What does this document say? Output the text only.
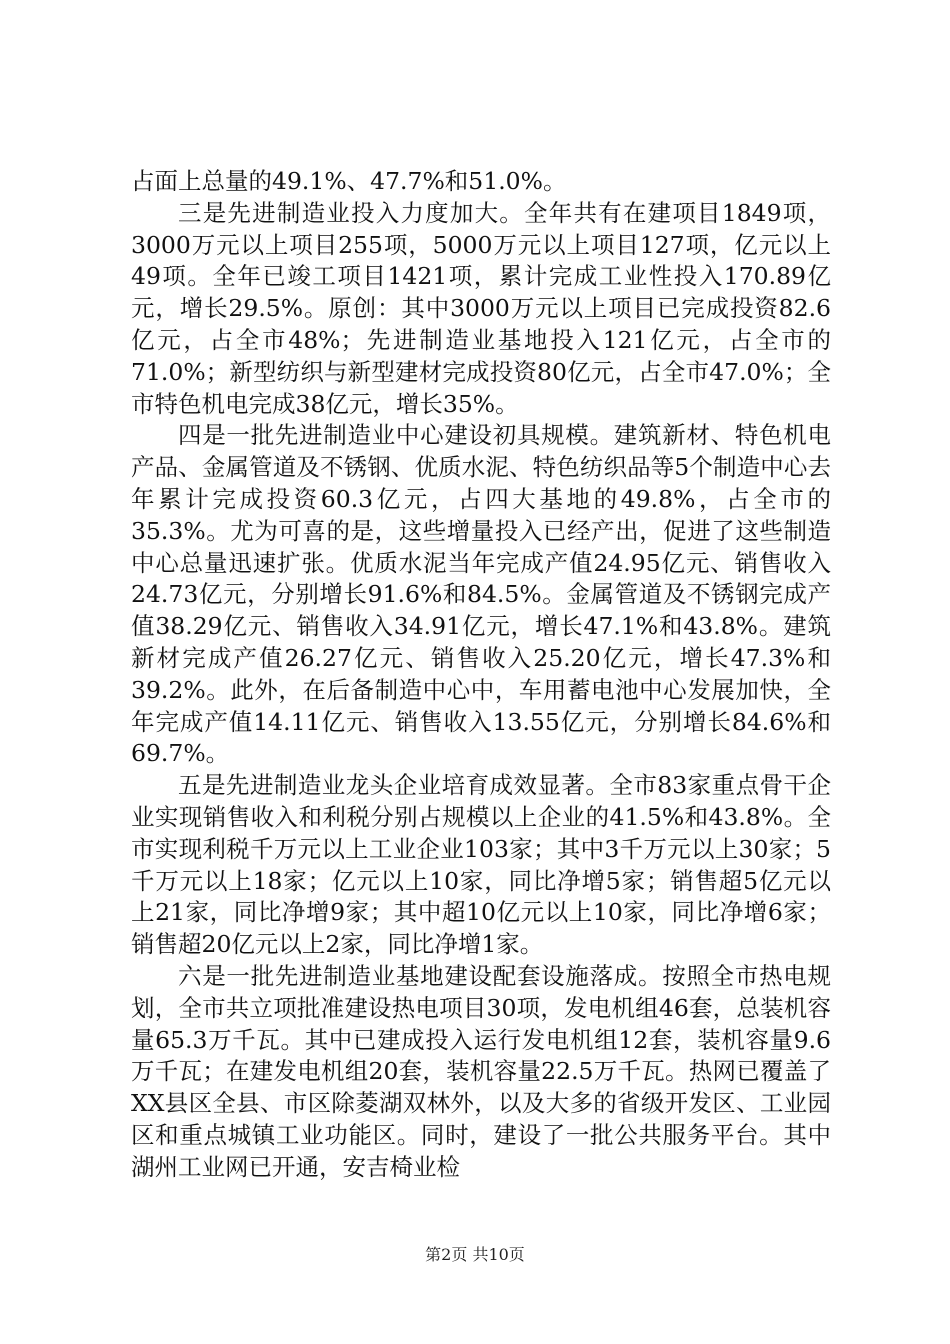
占面上总量的49.1%、47.7%和51.0%。

三是先进制造业投入力度加大。全年共有在建项目1849项，3000万元以上项目255项，5000万元以上项目127项，亿元以上49项。全年已竣工项目1421项，累计完成工业性投入170.89亿元，增长29.5%。原创：其中3000万元以上项目已完成投资82.6亿元，占全市48%；先进制造业基地投入121亿元，占全市的71.0%；新型纺织与新型建材完成投资80亿元，占全市47.0%；全市特色机电完成38亿元，增长35%。

四是一批先进制造业中心建设初具规模。建筑新材、特色机电产品、金属管道及不锈钢、优质水泥、特色纺织品等5个制造中心去年累计完成投资60.3亿元，占四大基地的49.8%，占全市的35.3%。尤为可喜的是，这些增量投入已经产出，促进了这些制造中心总量迅速扩张。优质水泥当年完成产值24.95亿元、销售收入24.73亿元，分别增长91.6%和84.5%。金属管道及不锈钢完成产值38.29亿元、销售收入34.91亿元，增长47.1%和43.8%。建筑新材完成产值26.27亿元、销售收入25.20亿元，增长47.3%和39.2%。此外，在后备制造中心中，车用蓄电池中心发展加快，全年完成产值14.11亿元、销售收入13.55亿元，分别增长84.6%和69.7%。

五是先进制造业龙头企业培育成效显著。全市83家重点骨干企业实现销售收入和利税分别占规模以上企业的41.5%和43.8%。全市实现利税千万元以上工业企业103家；其中3千万元以上30家；5千万元以上18家；亿元以上10家，同比净增5家；销售超5亿元以上21家，同比净增9家；其中超10亿元以上10家，同比净增6家；销售超20亿元以上2家，同比净增1家。

六是一批先进制造业基地建设配套设施落成。按照全市热电规划，全市共立项批准建设热电项目30项，发电机组46套，总装机容量65.3万千瓦。其中已建成投入运行发电机组12套，装机容量9.6万千瓦；在建发电机组20套，装机容量22.5万千瓦。热网已覆盖了XX县区全县、市区除菱湖双林外，以及大多的省级开发区、工业园区和重点城镇工业功能区。同时，建设了一批公共服务平台。其中湖州工业网已开通，安吉椅业检

第2页 共10页
